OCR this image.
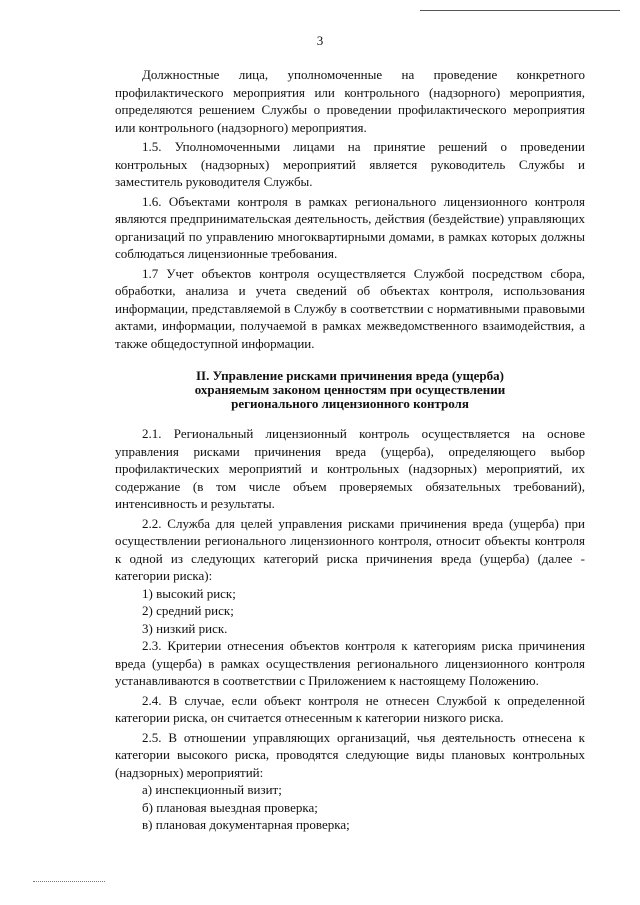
3

Должностные лица, уполномоченные на проведение конкретного профилактического мероприятия или контрольного (надзорного) мероприятия, определяются решением Службы о проведении профилактического мероприятия или контрольного (надзорного) мероприятия.

1.5. Уполномоченными лицами на принятие решений о проведении контрольных (надзорных) мероприятий является руководитель Службы и заместитель руководителя Службы.

1.6. Объектами контроля в рамках регионального лицензионного контроля являются предпринимательская деятельность, действия (бездействие) управляющих организаций по управлению многоквартирными домами, в рамках которых должны соблюдаться лицензионные требования.

1.7 Учет объектов контроля осуществляется Службой посредством сбора, обработки, анализа и учета сведений об объектах контроля, использования информации, представляемой в Службу в соответствии с нормативными правовыми актами, информации, получаемой в рамках межведомственного взаимодействия, а также общедоступной информации.

II. Управление рисками причинения вреда (ущерба)
охраняемым законом ценностям при осуществлении
регионального лицензионного контроля

2.1. Региональный лицензионный контроль осуществляется на основе управления рисками причинения вреда (ущерба), определяющего выбор профилактических мероприятий и контрольных (надзорных) мероприятий, их содержание (в том числе объем проверяемых обязательных требований), интенсивность и результаты.

2.2. Служба для целей управления рисками причинения вреда (ущерба) при осуществлении регионального лицензионного контроля, относит объекты контроля к одной из следующих категорий риска причинения вреда (ущерба) (далее - категории риска):

1) высокий риск;

2) средний риск;

3) низкий риск.

2.3. Критерии отнесения объектов контроля к категориям риска причинения вреда (ущерба) в рамках осуществления регионального лицензионного контроля устанавливаются в соответствии с Приложением к настоящему Положению.

2.4. В случае, если объект контроля не отнесен Службой к определенной категории риска, он считается отнесенным к категории низкого риска.

2.5. В отношении управляющих организаций, чья деятельность отнесена к категории высокого риска, проводятся следующие виды плановых контрольных (надзорных) мероприятий:

а) инспекционный визит;

б) плановая выездная проверка;

в) плановая документарная проверка;
